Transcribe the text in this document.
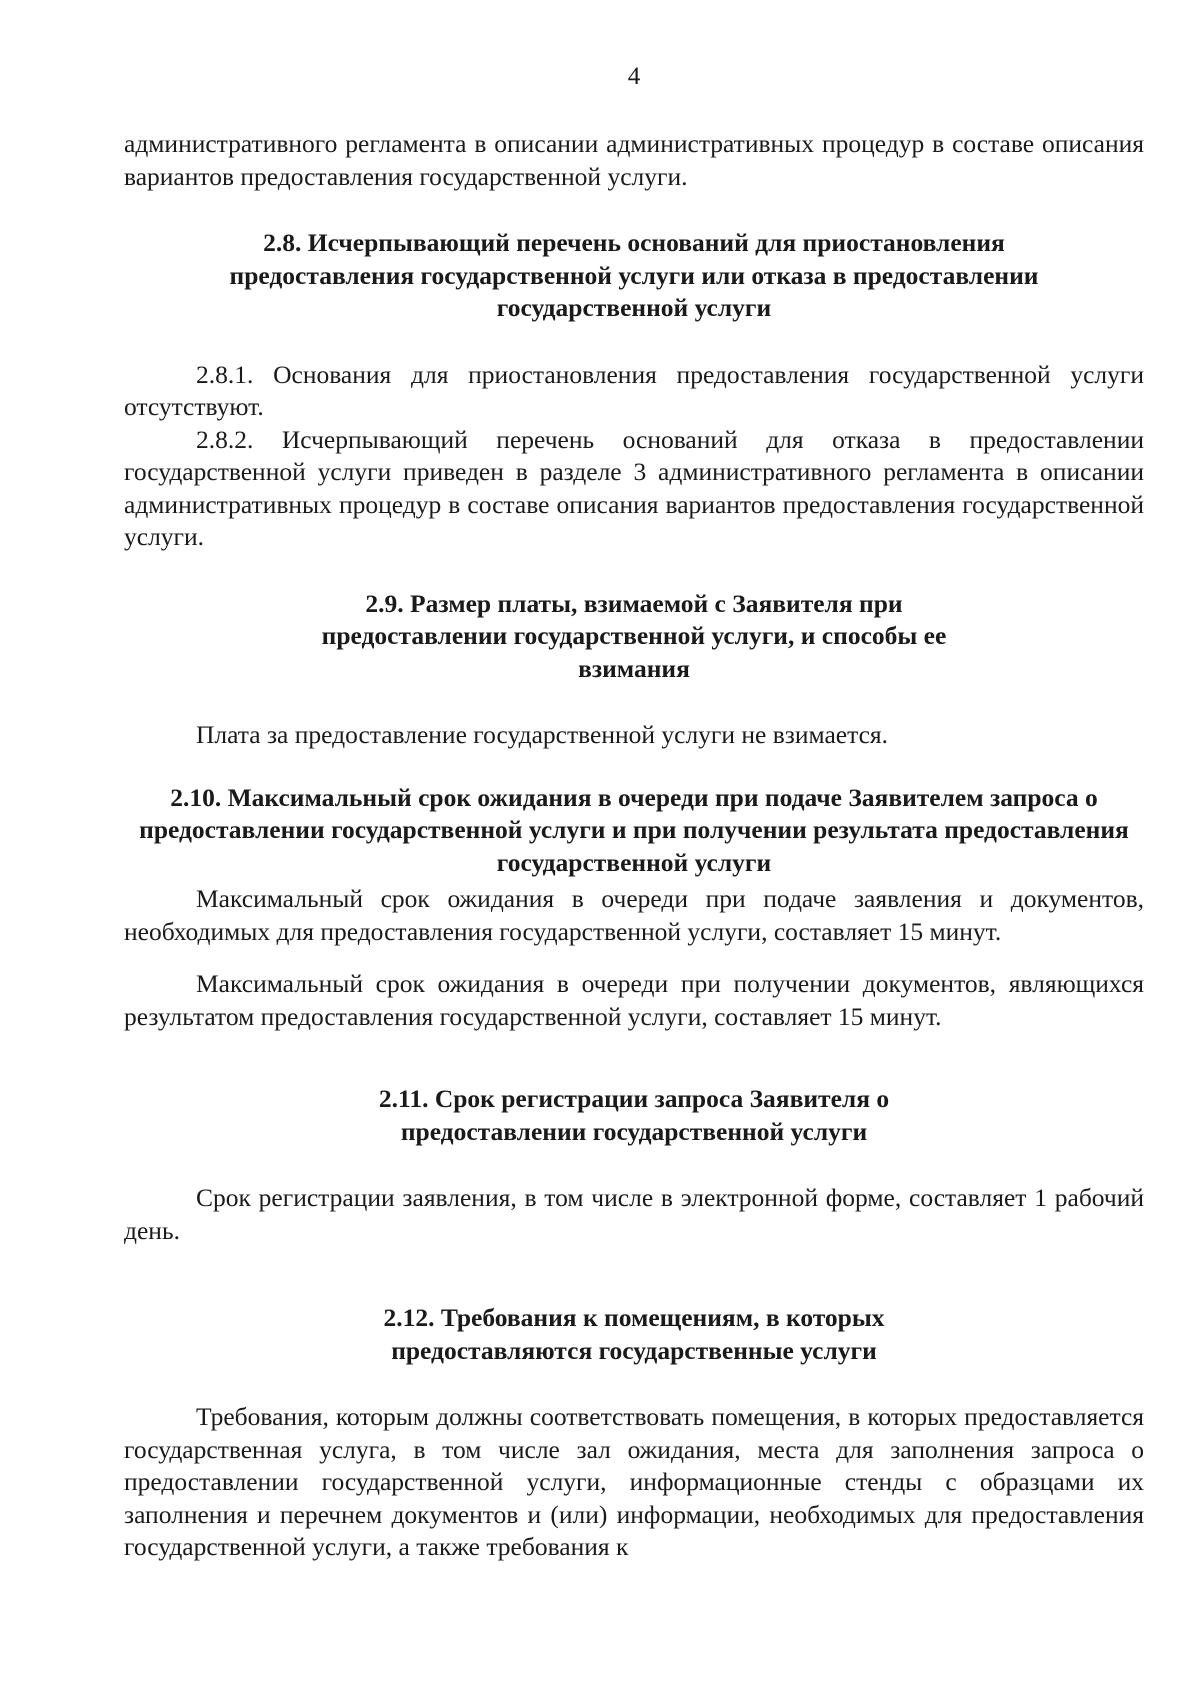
4

административного регламента в описании административных процедур в составе описания вариантов предоставления государственной услуги.

2.8. Исчерпывающий перечень оснований для приостановления предоставления государственной услуги или отказа в предоставлении государственной услуги

2.8.1. Основания для приостановления предоставления государственной услуги отсутствуют.

2.8.2. Исчерпывающий перечень оснований для отказа в предоставлении государственной услуги приведен в разделе 3 административного регламента в описании административных процедур в составе описания вариантов предоставления государственной услуги.

2.9. Размер платы, взимаемой с Заявителя при предоставлении государственной услуги, и способы ее взимания

Плата за предоставление государственной услуги не взимается.

2.10. Максимальный срок ожидания в очереди при подаче Заявителем запроса о предоставлении государственной услуги и при получении результата предоставления государственной услуги

Максимальный срок ожидания в очереди при подаче заявления и документов, необходимых для предоставления государственной услуги, составляет 15 минут.

Максимальный срок ожидания в очереди при получении документов, являющихся результатом предоставления государственной услуги, составляет 15 минут.

2.11. Срок регистрации запроса Заявителя о предоставлении государственной услуги

Срок регистрации заявления, в том числе в электронной форме, составляет 1 рабочий день.

2.12. Требования к помещениям, в которых предоставляются государственные услуги

Требования, которым должны соответствовать помещения, в которых предоставляется государственная услуга, в том числе зал ожидания, места для заполнения запроса о предоставлении государственной услуги, информационные стенды с образцами их заполнения и перечнем документов и (или) информации, необходимых для предоставления государственной услуги, а также требования к
